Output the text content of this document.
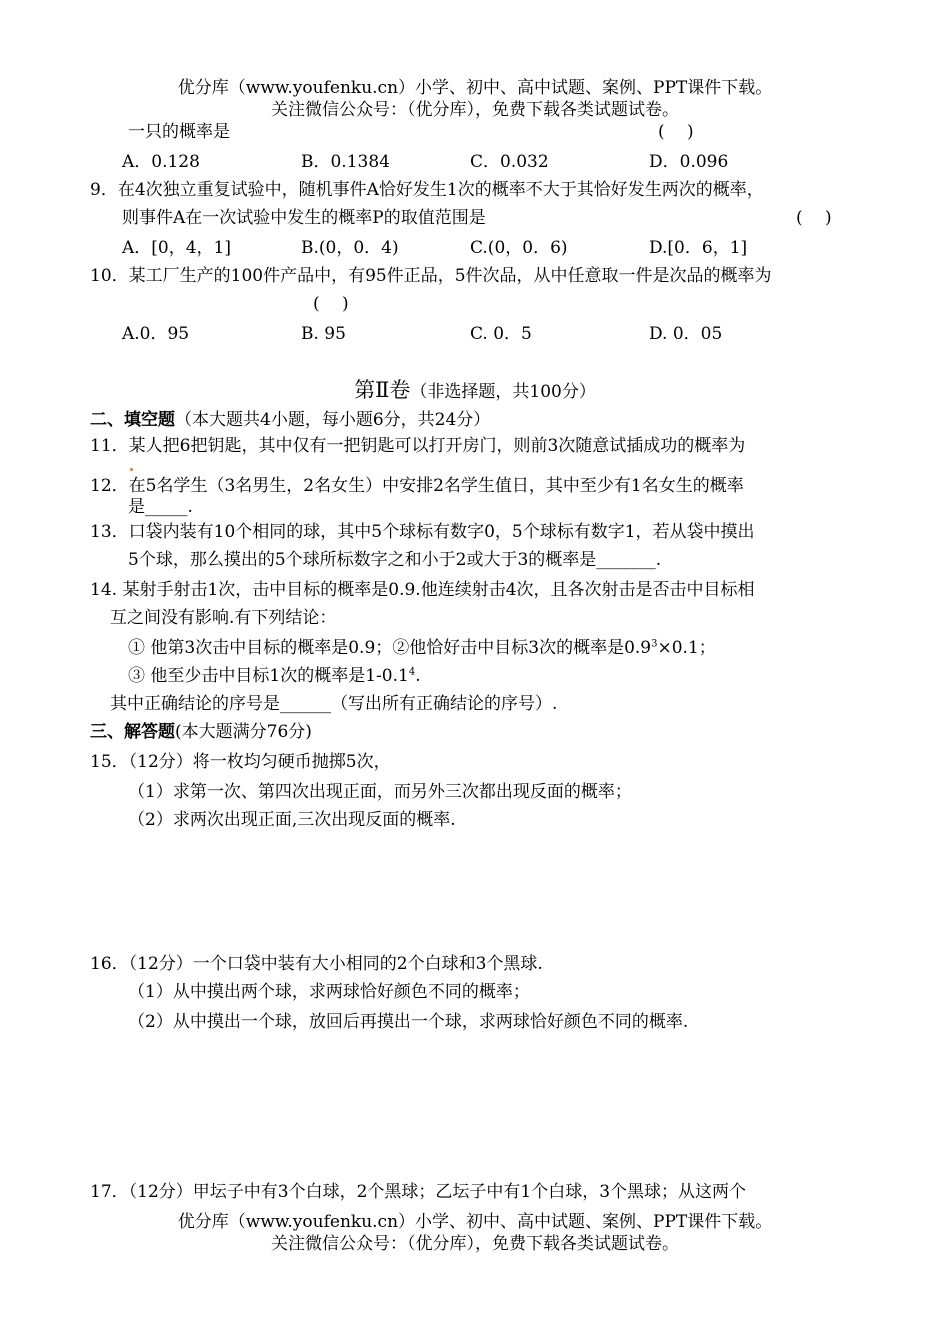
优分库（www.youfenku.cn）小学、初中、高中试题、案例、PPT课件下载。
关注微信公众号：（优分库），免费下载各类试题试卷。
一只的概率是	(　 )
A．0.128	B．0.1384	C．0.032	D．0.096
9．在4次独立重复试验中，随机事件A恰好发生1次的概率不大于其恰好发生两次的概率，
则事件A在一次试验中发生的概率P的取值范围是	(　 )
A．[0，4，1]	B.(0，0．4)	C.(0，0．6)	D.[0．6，1]
10．某工厂生产的100件产品中，有95件正品，5件次品，从中任意取一件是次品的概率为
(　 )
A.0．95	B. 95	C. 0．5	D. 0．05
第Ⅱ卷（非选择题，共100分）
二、填空题（本大题共4小题，每小题6分，共24分）
11．某人把6把钥匙，其中仅有一把钥匙可以打开房门，则前3次随意试插成功的概率为
12．在5名学生（3名男生，2名女生）中安排2名学生值日，其中至少有1名女生的概率
是_____.
13．口袋内装有10个相同的球，其中5个球标有数字0，5个球标有数字1，若从袋中摸出
5个球，那么摸出的5个球所标数字之和小于2或大于3的概率是_______.
14. 某射手射击1次，击中目标的概率是0.9.他连续射击4次，且各次射击是否击中目标相
互之间没有影响.有下列结论：
① 他第3次击中目标的概率是0.9；②他恰好击中目标3次的概率是$0.9^3\times 0.1$；
③ 他至少击中目标1次的概率是$1-0.1^4$.
其中正确结论的序号是______（写出所有正确结论的序号）.
三、解答题(本大题满分76分)
15．（12分）将一枚均匀硬币抛掷5次，
（1）求第一次、第四次出现正面，而另外三次都出现反面的概率；
（2）求两次出现正面,三次出现反面的概率.
16．（12分）一个口袋中装有大小相同的2个白球和3个黑球.
（1）从中摸出两个球，求两球恰好颜色不同的概率；
（2）从中摸出一个球，放回后再摸出一个球，求两球恰好颜色不同的概率.
17．（12分）甲坛子中有3个白球，2个黑球；乙坛子中有1个白球，3个黑球；从这两个
优分库（www.youfenku.cn）小学、初中、高中试题、案例、PPT课件下载。
关注微信公众号：（优分库），免费下载各类试题试卷。
